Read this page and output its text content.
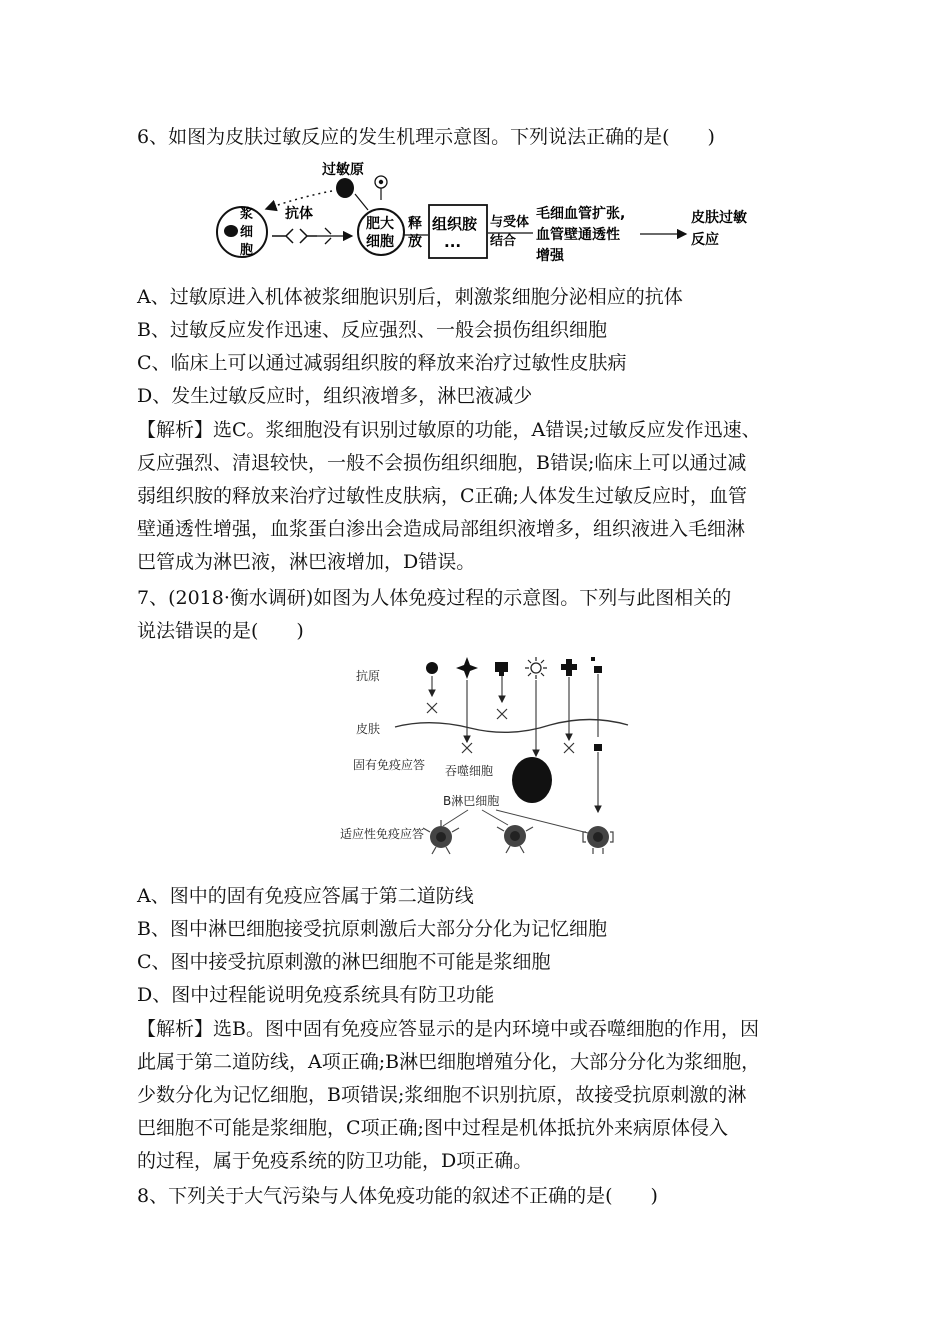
6、如图为皮肤过敏反应的发生机理示意图。下列说法正确的是(　　)
过敏原
浆
细
胞
抗体
肥大
细胞
释
放
组织胺
···
与受体
结合
毛细血管扩张,
血管壁通透性
增强
皮肤过敏
反应
A、过敏原进入机体被浆细胞识别后，刺激浆细胞分泌相应的抗体
B、过敏反应发作迅速、反应强烈、一般会损伤组织细胞
C、临床上可以通过减弱组织胺的释放来治疗过敏性皮肤病
D、发生过敏反应时，组织液增多，淋巴液减少
【解析】选C。浆细胞没有识别过敏原的功能，A错误;过敏反应发作迅速、
反应强烈、清退较快，一般不会损伤组织细胞，B错误;临床上可以通过减
弱组织胺的释放来治疗过敏性皮肤病，C正确;人体发生过敏反应时，血管
壁通透性增强，血浆蛋白渗出会造成局部组织液增多，组织液进入毛细淋
巴管成为淋巴液，淋巴液增加，D错误。
7、(2018·衡水调研)如图为人体免疫过程的示意图。下列与此图相关的
说法错误的是(　　)
抗原
皮肤
固有免疫应答 吞噬细胞
B淋巴细胞
适应性免疫应答
A、图中的固有免疫应答属于第二道防线
B、图中淋巴细胞接受抗原刺激后大部分分化为记忆细胞
C、图中接受抗原刺激的淋巴细胞不可能是浆细胞
D、图中过程能说明免疫系统具有防卫功能
【解析】选B。图中固有免疫应答显示的是内环境中或吞噬细胞的作用，因
此属于第二道防线，A项正确;B淋巴细胞增殖分化，大部分分化为浆细胞，
少数分化为记忆细胞，B项错误;浆细胞不识别抗原，故接受抗原刺激的淋
巴细胞不可能是浆细胞，C项正确;图中过程是机体抵抗外来病原体侵入
的过程，属于免疫系统的防卫功能，D项正确。
8、下列关于大气污染与人体免疫功能的叙述不正确的是(　　)
